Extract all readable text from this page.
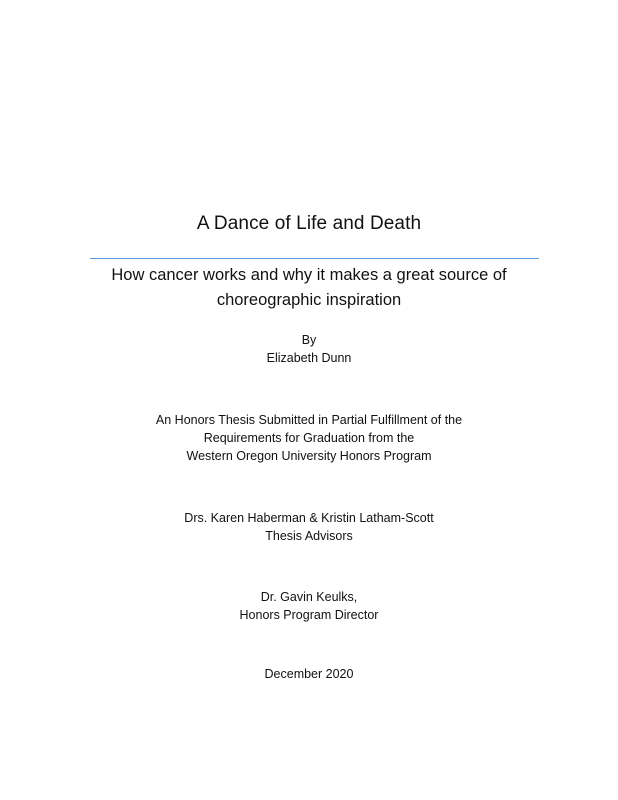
A Dance of Life and Death
How cancer works and why it makes a great source of
choreographic inspiration
By
Elizabeth Dunn
An Honors Thesis Submitted in Partial Fulfillment of the
Requirements for Graduation from the
Western Oregon University Honors Program
Drs. Karen Haberman & Kristin Latham-Scott
Thesis Advisors
Dr. Gavin Keulks,
Honors Program Director
December 2020
